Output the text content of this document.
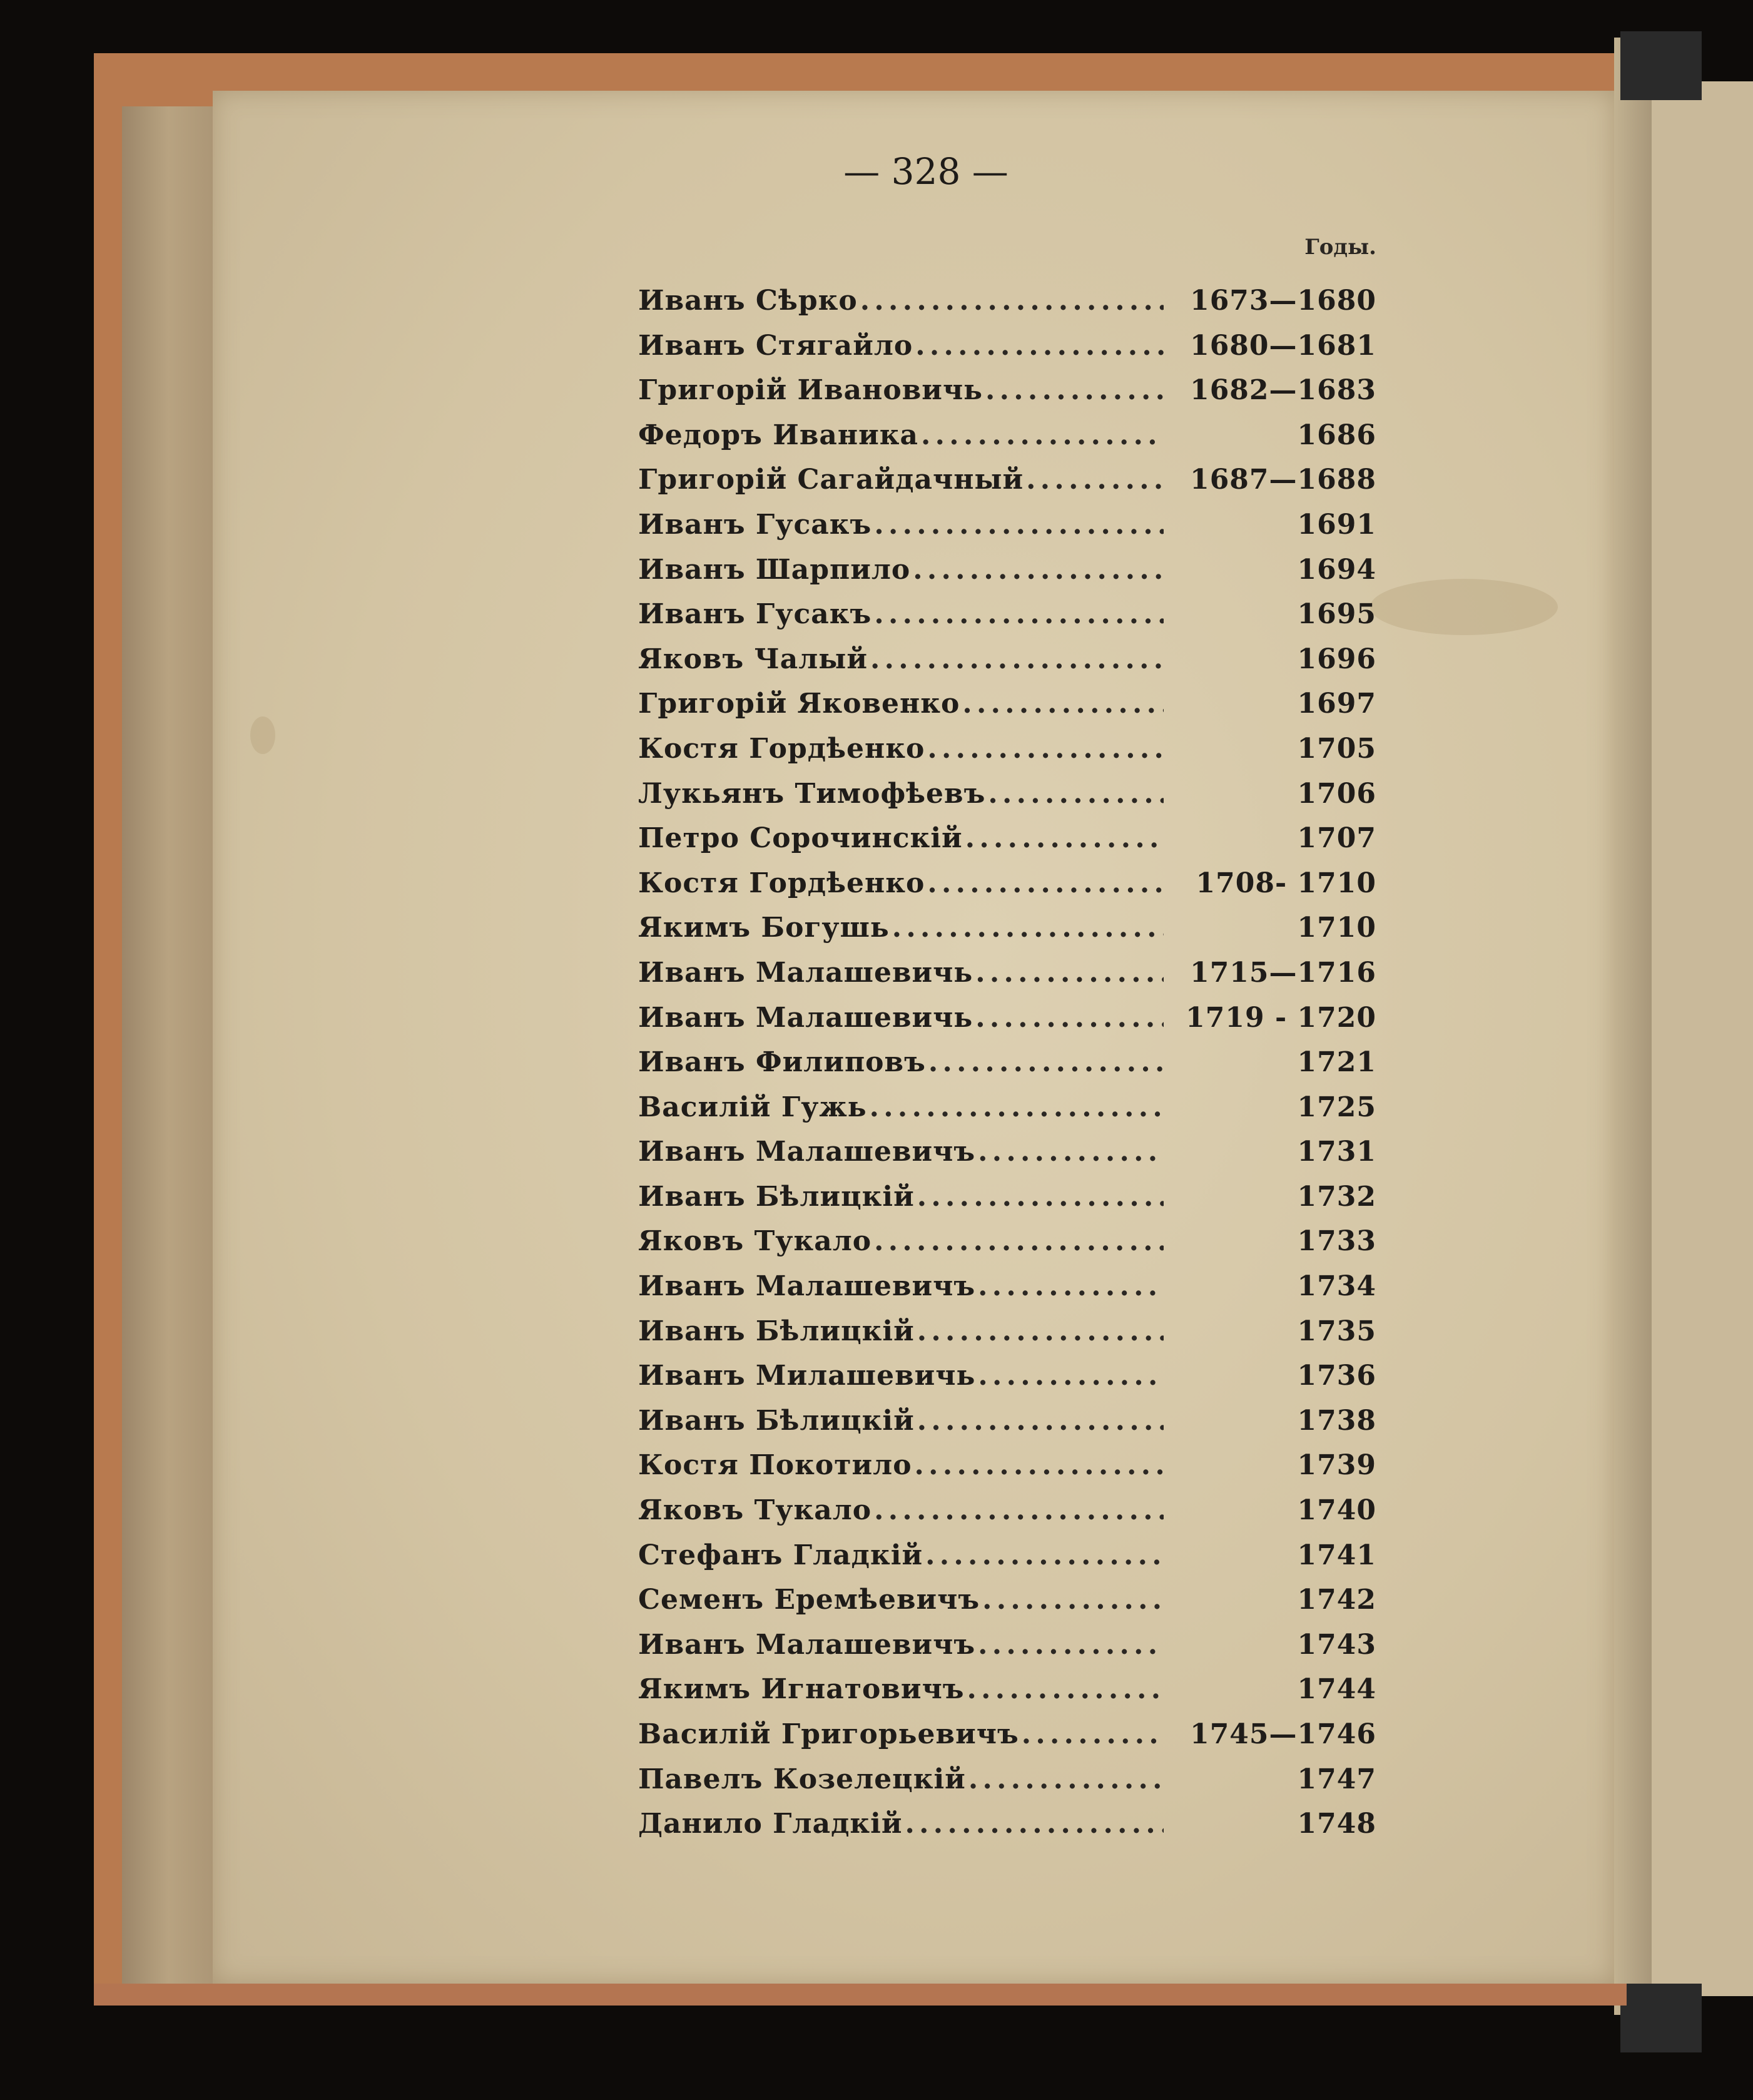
— 328 —
Годы.
Иванъ Сѣрко . . .	1673—1680
Иванъ Стягайло . . .	1680—1681
Григорій Ивановичь . . .	1682—1683
Федоръ Иваника . . .	1686
Григорій Сагайдачный . . .	1687—1688
Иванъ Гусакъ . . .	1691
Иванъ Шарпило . . .	1694
Иванъ Гусакъ . . .	1695
Яковъ Чалый . . .	1696
Григорій Яковенко . . .	1697
Костя Гордѣенко . . .	1705
Лукьянъ Тимофѣевъ . . .	1706
Петро Сорочинскій . . .	1707
Костя Гордѣенко . . .	1708- 1710
Якимъ Богушь . . .	1710
Иванъ Малашевичь . . .	1715—1716
Иванъ Малашевичь . . .	1719 - 1720
Иванъ Филиповъ . . .	1721
Василій Гужь . . .	1725
Иванъ Малашевичъ . . .	1731
Иванъ Бѣлицкій . . .	1732
Яковъ Тукало . . .	1733
Иванъ Малашевичъ . . .	1734
Иванъ Бѣлицкій . . .	1735
Иванъ Милашевичь . . .	1736
Иванъ Бѣлицкій . . .	1738
Костя Покотило . . .	1739
Яковъ Тукало . . .	1740
Стефанъ Гладкій . . .	1741
Семенъ Еремѣевичъ . . .	1742
Иванъ Малашевичъ . . .	1743
Якимъ Игнатовичъ . . .	1744
Василій Григорьевичъ . . .	1745—1746
Павелъ Козелецкій . . .	1747
Данило Гладкій . . .	1748
